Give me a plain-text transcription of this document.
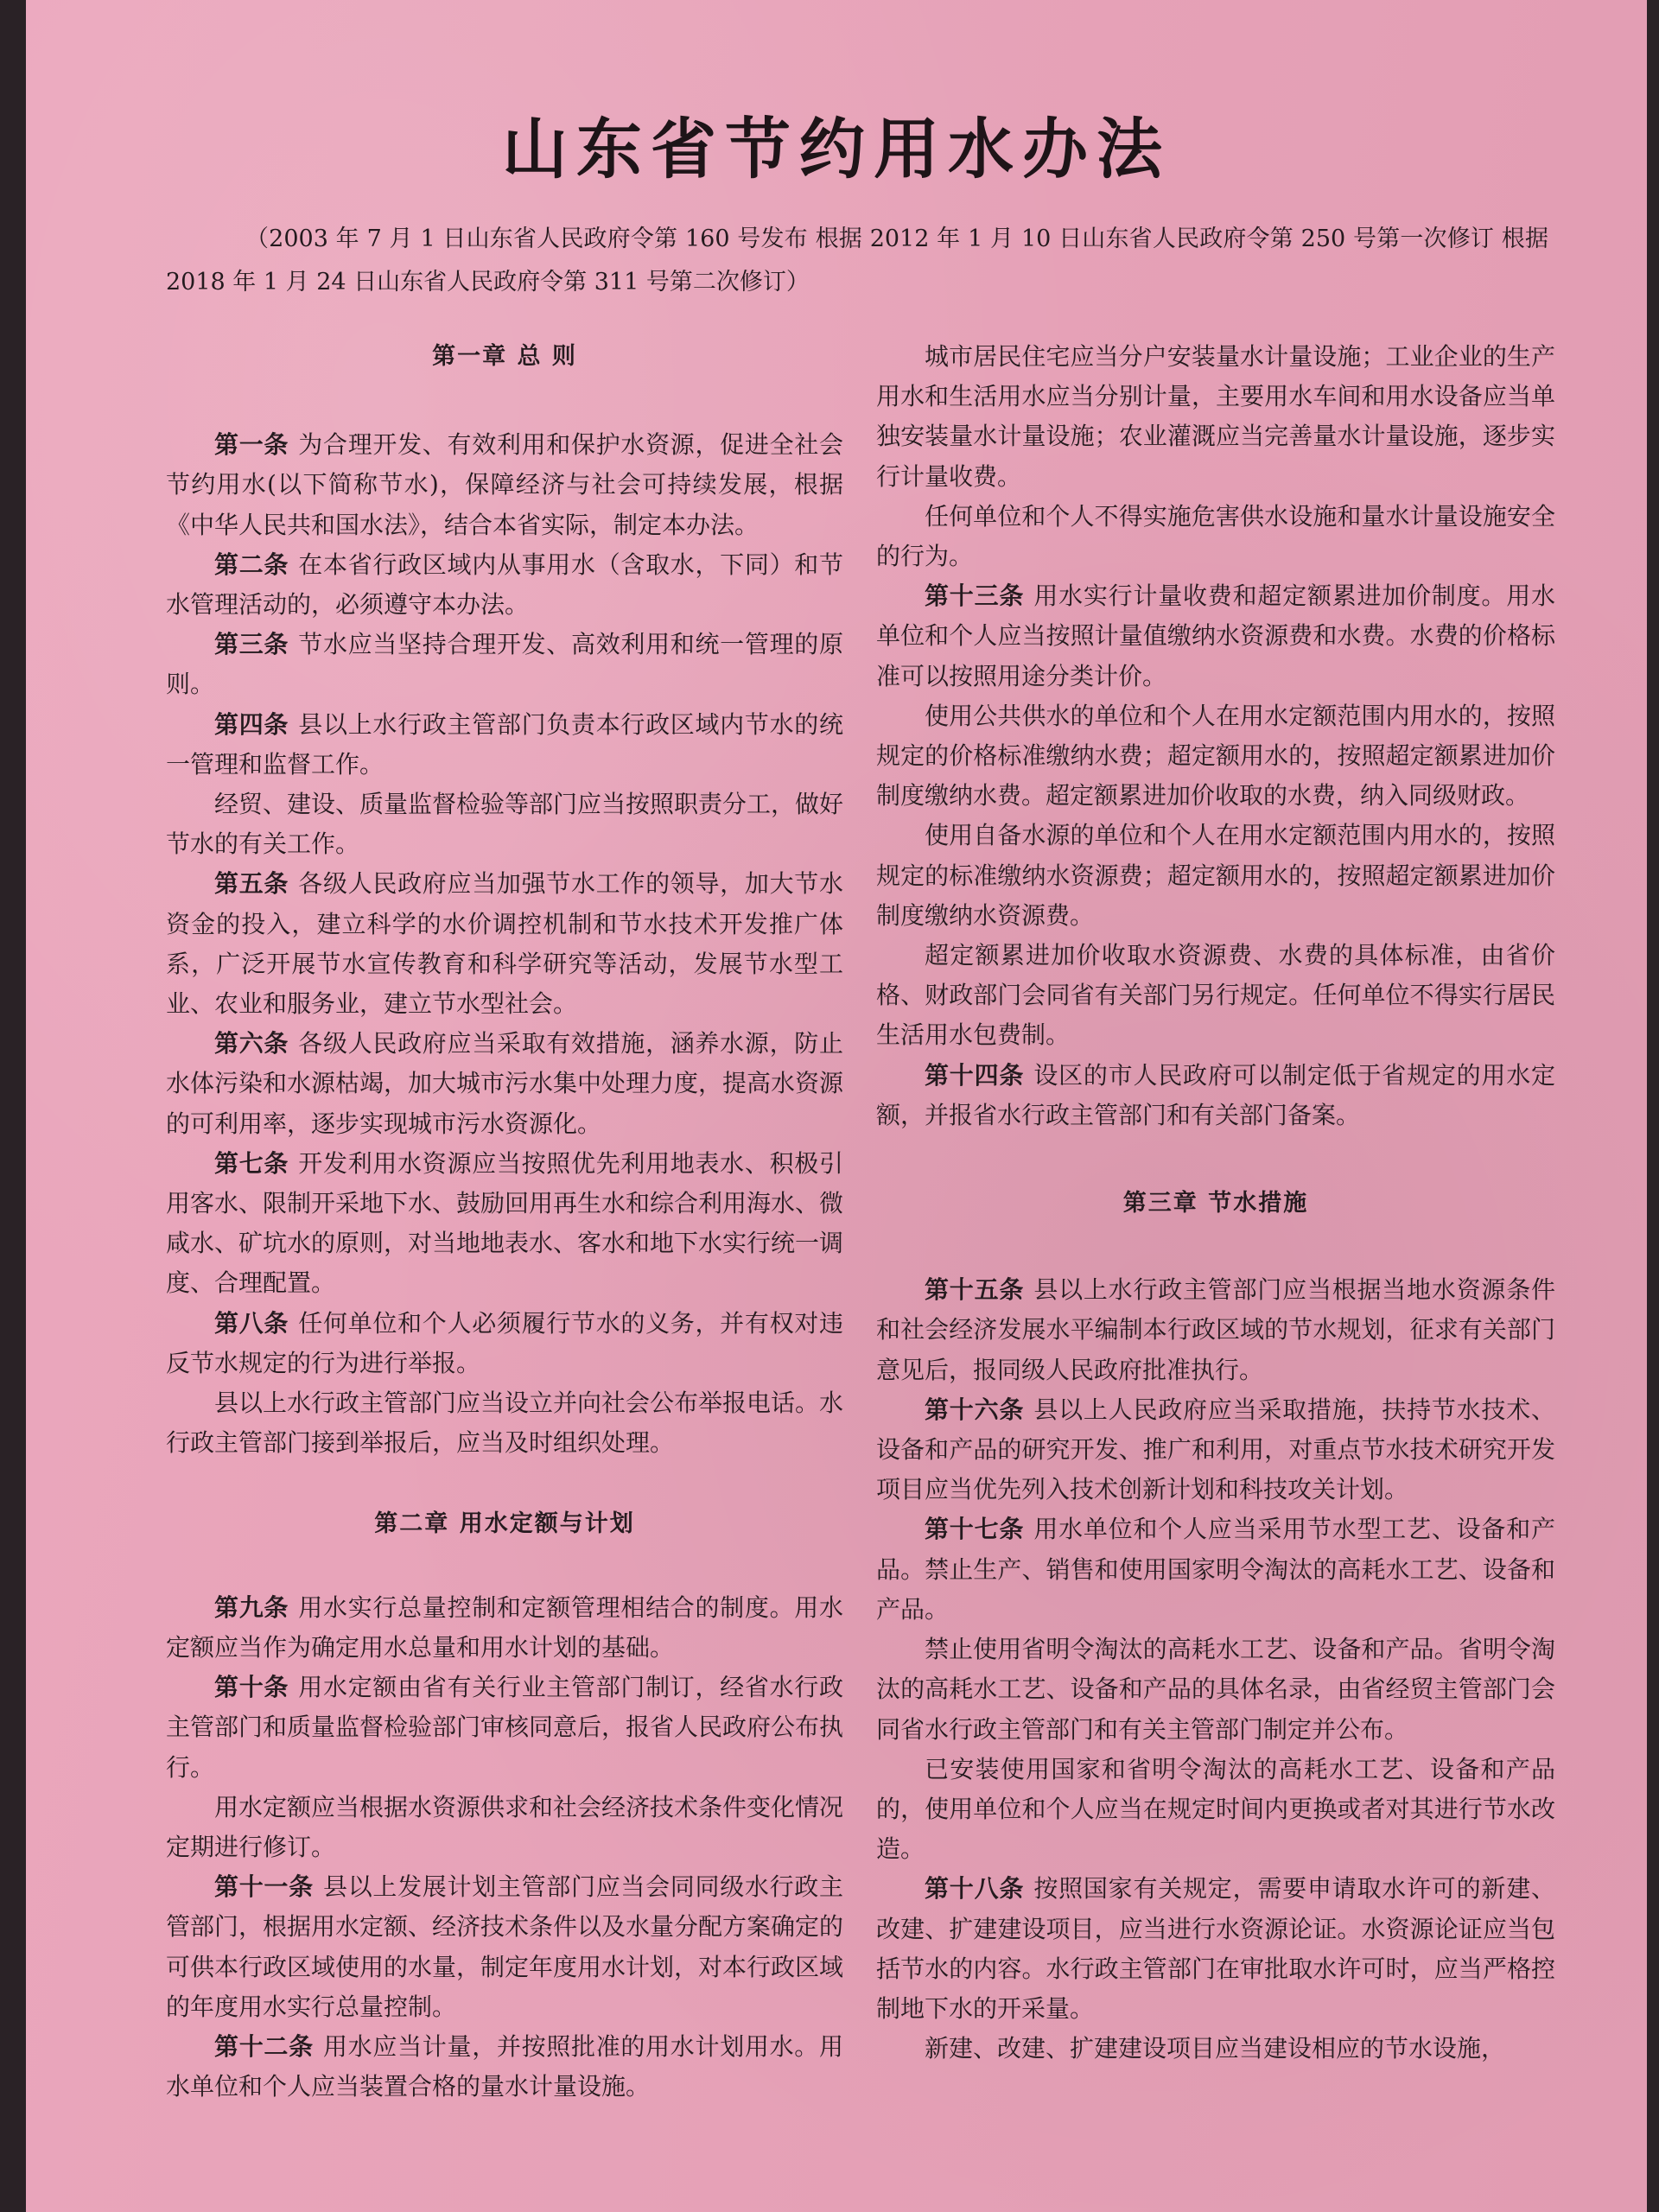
山东省节约用水办法

（2003 年 7 月 1 日山东省人民政府令第 160 号发布 根据 2012 年 1 月 10 日山东省人民政府令第 250 号第一次修订 根据 2018 年 1 月 24 日山东省人民政府令第 311 号第二次修订）

第一章 总 则

第一条 为合理开发、有效利用和保护水资源，促进全社会节约用水(以下简称节水)，保障经济与社会可持续发展，根据《中华人民共和国水法》，结合本省实际，制定本办法。

第二条 在本省行政区域内从事用水（含取水，下同）和节水管理活动的，必须遵守本办法。

第三条 节水应当坚持合理开发、高效利用和统一管理的原则。

第四条 县以上水行政主管部门负责本行政区域内节水的统一管理和监督工作。

经贸、建设、质量监督检验等部门应当按照职责分工，做好节水的有关工作。

第五条 各级人民政府应当加强节水工作的领导，加大节水资金的投入，建立科学的水价调控机制和节水技术开发推广体系，广泛开展节水宣传教育和科学研究等活动，发展节水型工业、农业和服务业，建立节水型社会。

第六条 各级人民政府应当采取有效措施，涵养水源，防止水体污染和水源枯竭，加大城市污水集中处理力度，提高水资源的可利用率，逐步实现城市污水资源化。

第七条 开发利用水资源应当按照优先利用地表水、积极引用客水、限制开采地下水、鼓励回用再生水和综合利用海水、微咸水、矿坑水的原则，对当地地表水、客水和地下水实行统一调度、合理配置。

第八条 任何单位和个人必须履行节水的义务，并有权对违反节水规定的行为进行举报。

县以上水行政主管部门应当设立并向社会公布举报电话。水行政主管部门接到举报后，应当及时组织处理。

第二章 用水定额与计划

第九条 用水实行总量控制和定额管理相结合的制度。用水定额应当作为确定用水总量和用水计划的基础。

第十条 用水定额由省有关行业主管部门制订，经省水行政主管部门和质量监督检验部门审核同意后，报省人民政府公布执行。

用水定额应当根据水资源供求和社会经济技术条件变化情况定期进行修订。

第十一条 县以上发展计划主管部门应当会同同级水行政主管部门，根据用水定额、经济技术条件以及水量分配方案确定的可供本行政区域使用的水量，制定年度用水计划，对本行政区域的年度用水实行总量控制。

第十二条 用水应当计量，并按照批准的用水计划用水。用水单位和个人应当装置合格的量水计量设施。

城市居民住宅应当分户安装量水计量设施；工业企业的生产用水和生活用水应当分别计量，主要用水车间和用水设备应当单独安装量水计量设施；农业灌溉应当完善量水计量设施，逐步实行计量收费。

任何单位和个人不得实施危害供水设施和量水计量设施安全的行为。

第十三条 用水实行计量收费和超定额累进加价制度。用水单位和个人应当按照计量值缴纳水资源费和水费。水费的价格标准可以按照用途分类计价。

使用公共供水的单位和个人在用水定额范围内用水的，按照规定的价格标准缴纳水费；超定额用水的，按照超定额累进加价制度缴纳水费。超定额累进加价收取的水费，纳入同级财政。

使用自备水源的单位和个人在用水定额范围内用水的，按照规定的标准缴纳水资源费；超定额用水的，按照超定额累进加价制度缴纳水资源费。

超定额累进加价收取水资源费、水费的具体标准，由省价格、财政部门会同省有关部门另行规定。任何单位不得实行居民生活用水包费制。

第十四条 设区的市人民政府可以制定低于省规定的用水定额，并报省水行政主管部门和有关部门备案。

第三章 节水措施

第十五条 县以上水行政主管部门应当根据当地水资源条件和社会经济发展水平编制本行政区域的节水规划，征求有关部门意见后，报同级人民政府批准执行。

第十六条 县以上人民政府应当采取措施，扶持节水技术、设备和产品的研究开发、推广和利用，对重点节水技术研究开发项目应当优先列入技术创新计划和科技攻关计划。

第十七条 用水单位和个人应当采用节水型工艺、设备和产品。禁止生产、销售和使用国家明令淘汰的高耗水工艺、设备和产品。

禁止使用省明令淘汰的高耗水工艺、设备和产品。省明令淘汰的高耗水工艺、设备和产品的具体名录，由省经贸主管部门会同省水行政主管部门和有关主管部门制定并公布。

已安装使用国家和省明令淘汰的高耗水工艺、设备和产品的，使用单位和个人应当在规定时间内更换或者对其进行节水改造。

第十八条 按照国家有关规定，需要申请取水许可的新建、改建、扩建建设项目，应当进行水资源论证。水资源论证应当包括节水的内容。水行政主管部门在审批取水许可时，应当严格控制地下水的开采量。

新建、改建、扩建建设项目应当建设相应的节水设施，
